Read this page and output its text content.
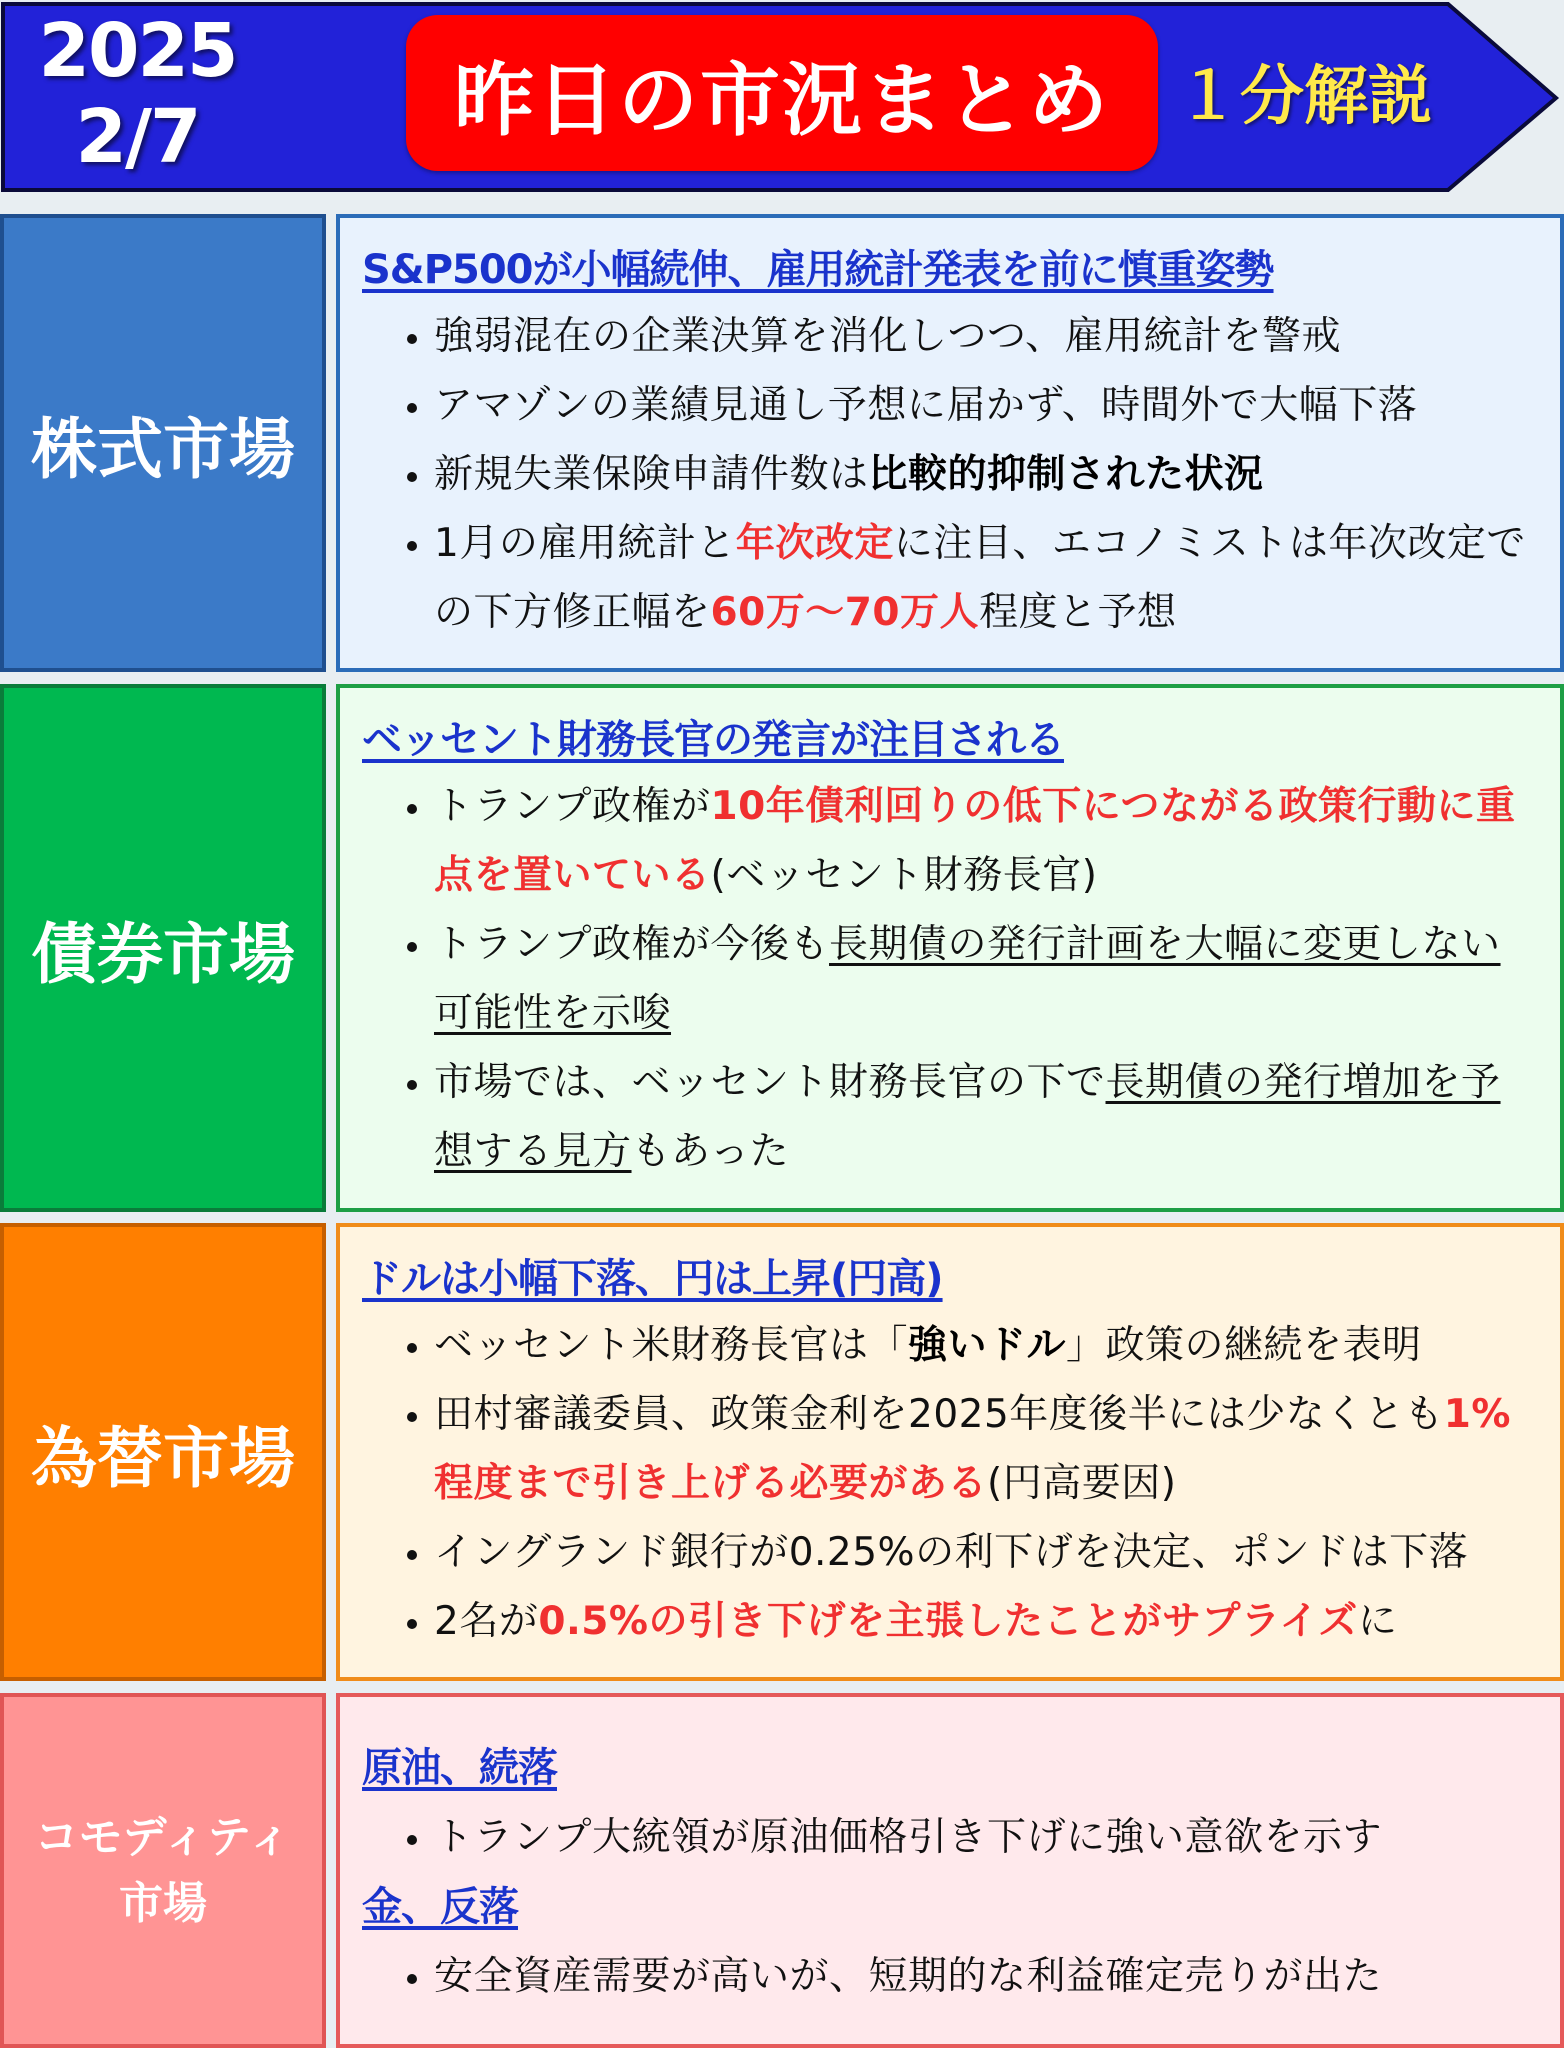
2025
2/7	昨日の市況まとめ	１分解説
株式市場
S&P500が小幅続伸、雇用統計発表を前に慎重姿勢
• 強弱混在の企業決算を消化しつつ、雇用統計を警戒
• アマゾンの業績見通し予想に届かず、時間外で大幅下落
• 新規失業保険申請件数は比較的抑制された状況
• 1月の雇用統計と年次改定に注目、エコノミストは年次改定での下方修正幅を60万〜70万人程度と予想
債券市場
ベッセント財務長官の発言が注目される
• トランプ政権が10年債利回りの低下につながる政策行動に重点を置いている(ベッセント財務長官)
• トランプ政権が今後も長期債の発行計画を大幅に変更しない可能性を示唆
• 市場では、ベッセント財務長官の下で長期債の発行増加を予想する見方もあった
為替市場
ドルは小幅下落、円は上昇(円高)
• ベッセント米財務長官は「強いドル」政策の継続を表明
• 田村審議委員、政策金利を2025年度後半には少なくとも1%程度まで引き上げる必要がある(円高要因)
• イングランド銀行が0.25%の利下げを決定、ポンドは下落
• 2名が0.5%の引き下げを主張したことがサプライズに
コモディティ市場
原油、続落
• トランプ大統領が原油価格引き下げに強い意欲を示す
金、反落
• 安全資産需要が高いが、短期的な利益確定売りが出た
